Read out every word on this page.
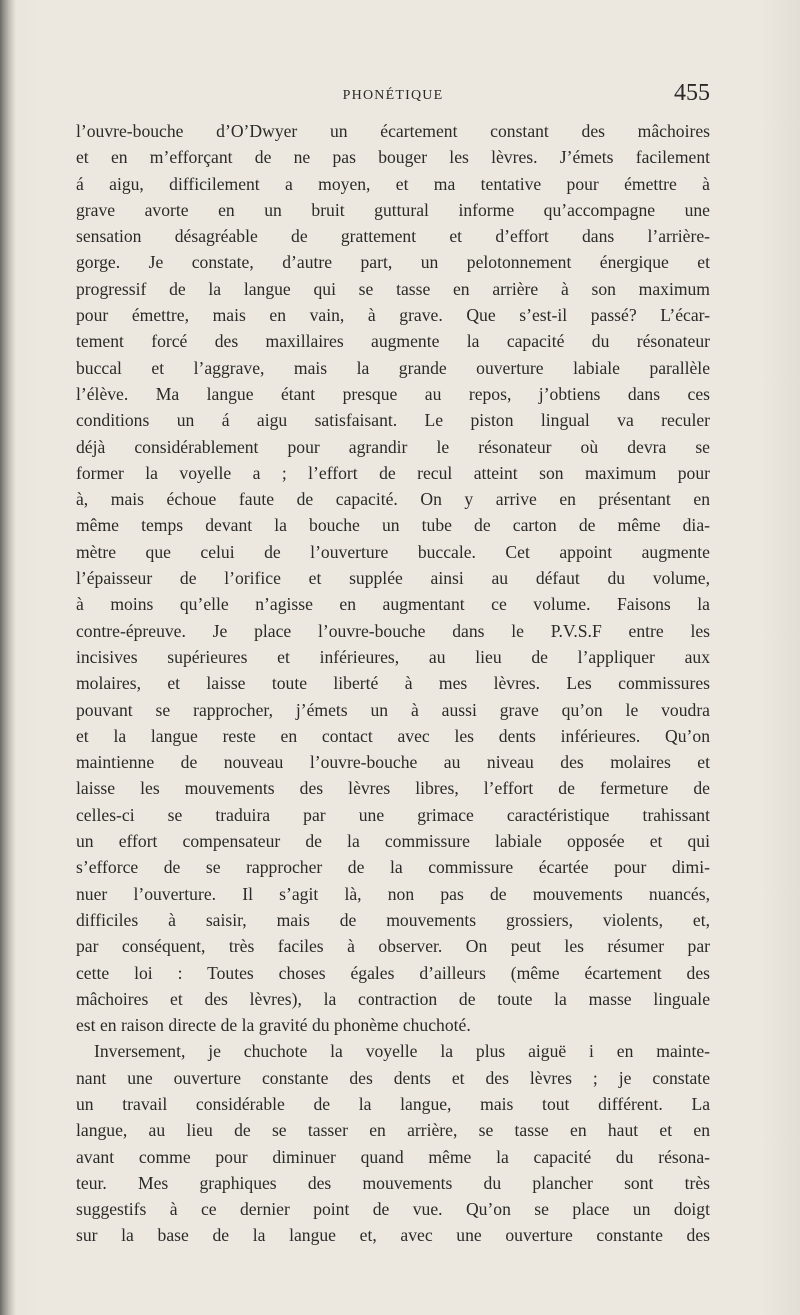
PHONÉTIQUE	455
l’ouvre-bouche d’O’Dwyer un écartement constant des mâchoires
et en m’efforçant de ne pas bouger les lèvres. J’émets facilement
á aigu, difficilement a moyen, et ma tentative pour émettre à
grave avorte en un bruit guttural informe qu’accompagne une
sensation désagréable de grattement et d’effort dans l’arrière-
gorge. Je constate, d’autre part, un pelotonnement énergique et
progressif de la langue qui se tasse en arrière à son maximum
pour émettre, mais en vain, à grave. Que s’est-il passé? L’écar-
tement forcé des maxillaires augmente la capacité du résonateur
buccal et l’aggrave, mais la grande ouverture labiale parallèle
l’élève. Ma langue étant presque au repos, j’obtiens dans ces
conditions un á aigu satisfaisant. Le piston lingual va reculer
déjà considérablement pour agrandir le résonateur où devra se
former la voyelle a ; l’effort de recul atteint son maximum pour
à, mais échoue faute de capacité. On y arrive en présentant en
même temps devant la bouche un tube de carton de même dia-
mètre que celui de l’ouverture buccale. Cet appoint augmente
l’épaisseur de l’orifice et supplée ainsi au défaut du volume,
à moins qu’elle n’agisse en augmentant ce volume. Faisons la
contre-épreuve. Je place l’ouvre-bouche dans le P.V.S.F entre les
incisives supérieures et inférieures, au lieu de l’appliquer aux
molaires, et laisse toute liberté à mes lèvres. Les commissures
pouvant se rapprocher, j’émets un à aussi grave qu’on le voudra
et la langue reste en contact avec les dents inférieures. Qu’on
maintienne de nouveau l’ouvre-bouche au niveau des molaires et
laisse les mouvements des lèvres libres, l’effort de fermeture de
celles-ci se traduira par une grimace caractéristique trahissant
un effort compensateur de la commissure labiale opposée et qui
s’efforce de se rapprocher de la commissure écartée pour dimi-
nuer l’ouverture. Il s’agit là, non pas de mouvements nuancés,
difficiles à saisir, mais de mouvements grossiers, violents, et,
par conséquent, très faciles à observer. On peut les résumer par
cette loi : Toutes choses égales d’ailleurs (même écartement des
mâchoires et des lèvres), la contraction de toute la masse linguale
est en raison directe de la gravité du phonème chuchoté.
Inversement, je chuchote la voyelle la plus aiguë i en mainte-
nant une ouverture constante des dents et des lèvres ; je constate
un travail considérable de la langue, mais tout différent. La
langue, au lieu de se tasser en arrière, se tasse en haut et en
avant comme pour diminuer quand même la capacité du résona-
teur. Mes graphiques des mouvements du plancher sont très
suggestifs à ce dernier point de vue. Qu’on se place un doigt
sur la base de la langue et, avec une ouverture constante des
